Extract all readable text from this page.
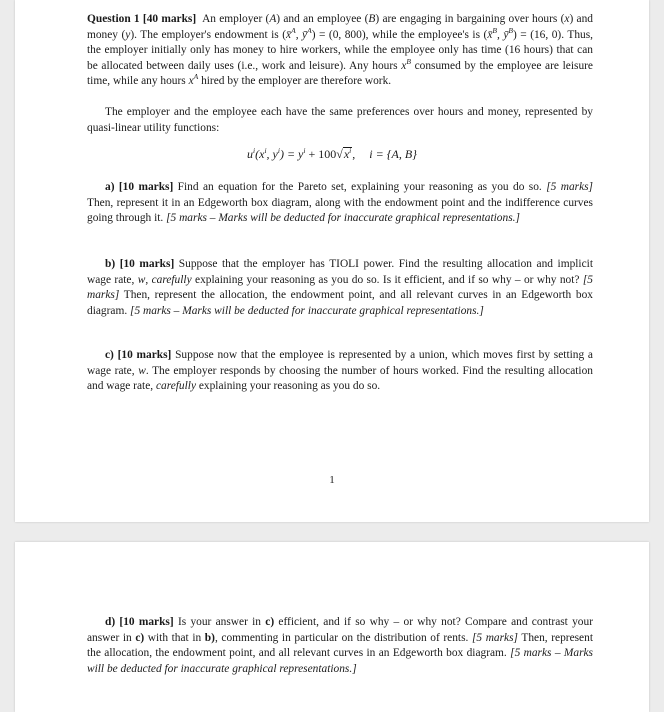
Question 1 [40 marks] An employer (A) and an employee (B) are engaging in bargaining over hours (x) and money (y). The employer's endowment is (x̄$^A$, $ȳ^A) = (0$, 800), while the employee's is (x̄$^B$, $ȳ^B) = (16$, 0). Thus, the employer initially only has money to hire workers, while the employee only has time (16 hours) that can be allocated between daily uses (i.e., work and leisure). Any hours $x^B$ consumed by the employee are leisure time, while any hours $x^A$ hired by the employer are therefore work.

The employer and the employee each have the same preferences over hours and money, represented by quasi-linear utility functions:

$u^i(x^i$, $y^i) = y^i + 100√x^i$, i = {A, B}

a) [10 marks] Find an equation for the Pareto set, explaining your reasoning as you do so. [5 marks] Then, represent it in an Edgeworth box diagram, along with the endowment point and the indifference curves going through it. [5 marks – Marks will be deducted for inaccurate graphical representations.]

b) [10 marks] Suppose that the employer has TIOLI power. Find the resulting allocation and implicit wage rate, w, carefully explaining your reasoning as you do so. Is it efficient, and if so why – or why not? [5 marks] Then, represent the allocation, the endowment point, and all relevant curves in an Edgeworth box diagram. [5 marks – Marks will be deducted for inaccurate graphical representations.]

c) [10 marks] Suppose now that the employee is represented by a union, which moves first by setting a wage rate, w. The employer responds by choosing the number of hours worked. Find the resulting allocation and wage rate, carefully explaining your reasoning as you do so.

1

d) [10 marks] Is your answer in c) efficient, and if so why – or why not? Compare and contrast your answer in c) with that in b), commenting in particular on the distribution of rents. [5 marks] Then, represent the allocation, the endowment point, and all relevant curves in an Edgeworth box diagram. [5 marks – Marks will be deducted for inaccurate graphical representations.]
